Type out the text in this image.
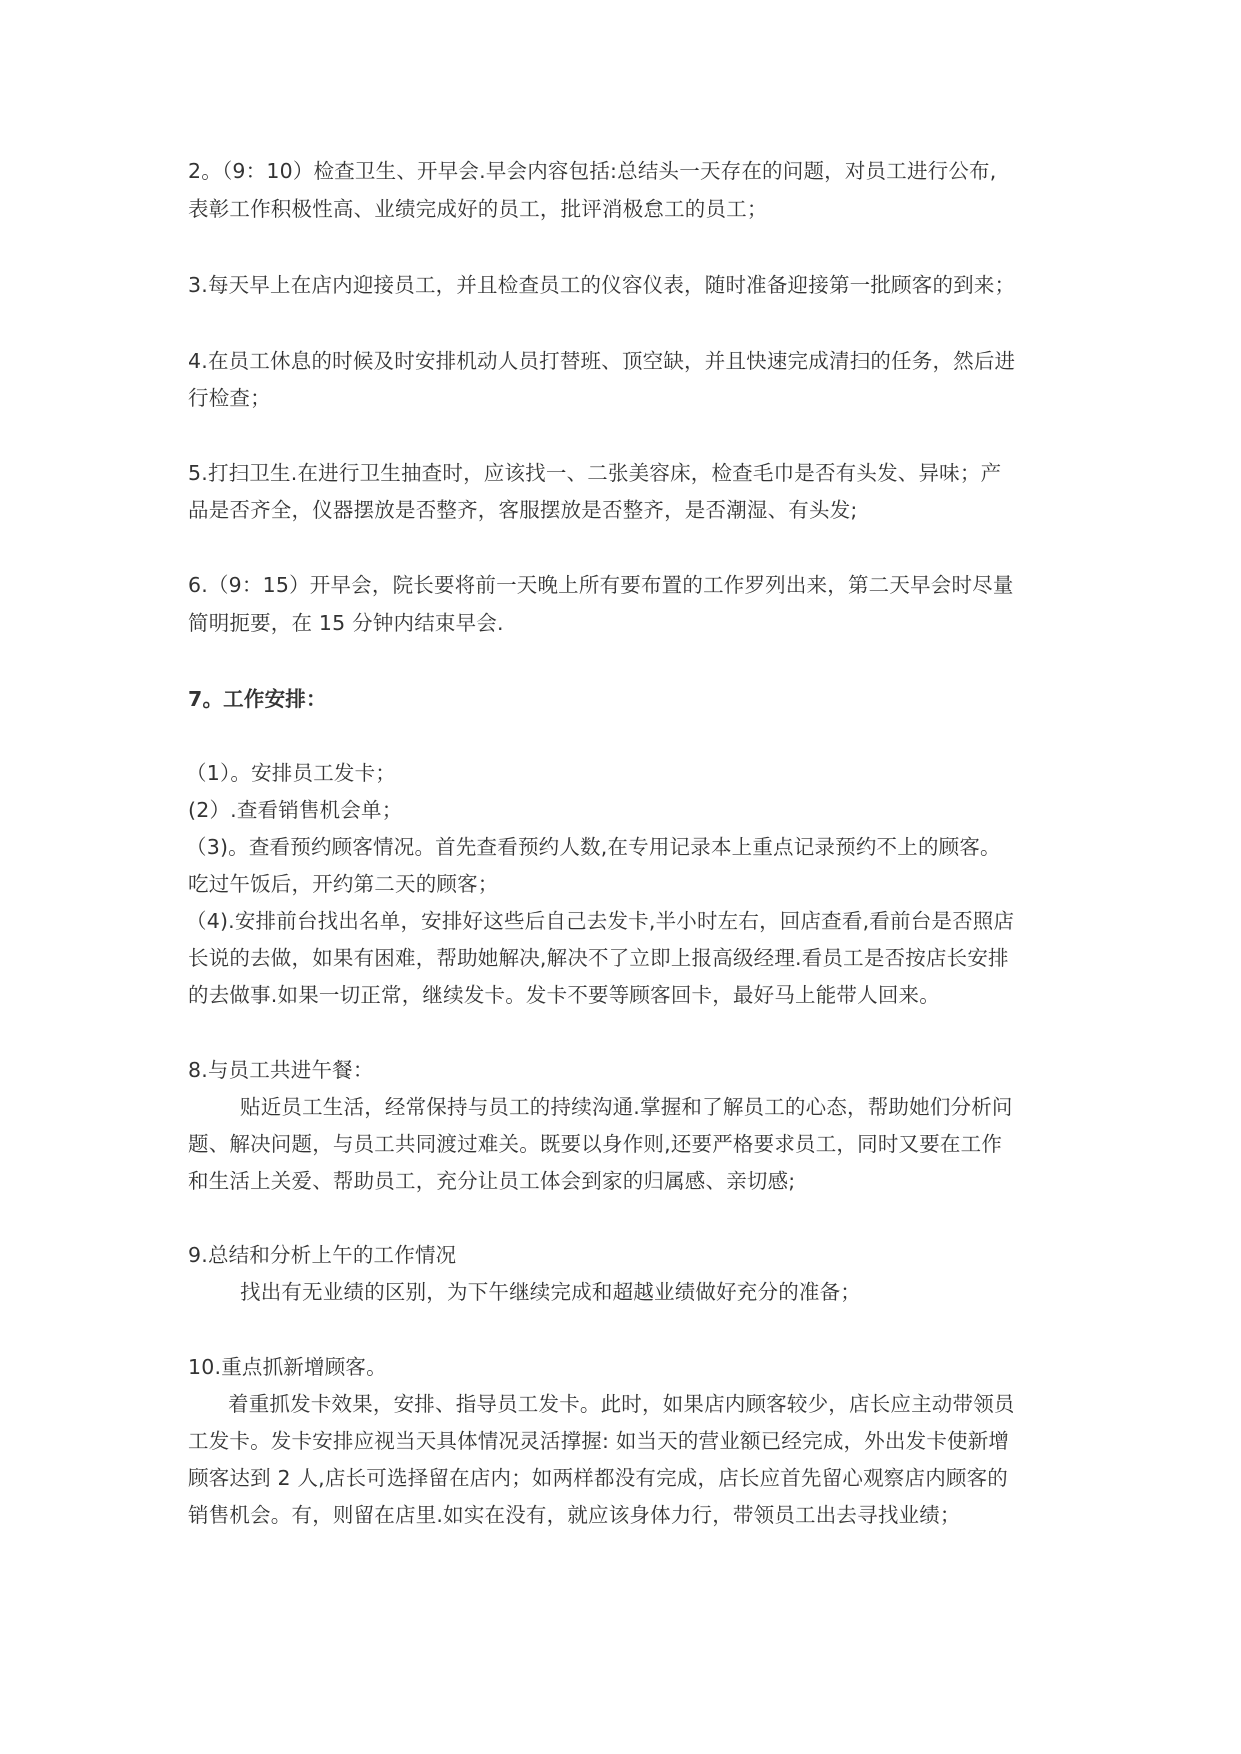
2。（9：10）检查卫生、开早会.早会内容包括:总结头一天存在的问题，对员工进行公布,
表彰工作积极性高、业绩完成好的员工，批评消极怠工的员工；
3.每天早上在店内迎接员工，并且检查员工的仪容仪表，随时准备迎接第一批顾客的到来；
4.在员工休息的时候及时安排机动人员打替班、顶空缺，并且快速完成清扫的任务，然后进
行检查；
5.打扫卫生.在进行卫生抽查时，应该找一、二张美容床，检查毛巾是否有头发、异味；产
品是否齐全，仪器摆放是否整齐，客服摆放是否整齐，是否潮湿、有头发;
6.（9：15）开早会，院长要将前一天晚上所有要布置的工作罗列出来，第二天早会时尽量
简明扼要，在 15 分钟内结束早会.
7。工作安排：
（1）。安排员工发卡；
(2）.查看销售机会单；
（3)。查看预约顾客情况。首先查看预约人数,在专用记录本上重点记录预约不上的顾客。
吃过午饭后，开约第二天的顾客；
（4).安排前台找出名单，安排好这些后自己去发卡,半小时左右，回店查看,看前台是否照店
长说的去做，如果有困难，帮助她解决,解决不了立即上报高级经理.看员工是否按店长安排
的去做事.如果一切正常，继续发卡。发卡不要等顾客回卡，最好马上能带人回来。
8.与员工共进午餐：
贴近员工生活，经常保持与员工的持续沟通.掌握和了解员工的心态，帮助她们分析问
题、解决问题，与员工共同渡过难关。既要以身作则,还要严格要求员工，同时又要在工作
和生活上关爱、帮助员工，充分让员工体会到家的归属感、亲切感;
9.总结和分析上午的工作情况
找出有无业绩的区别，为下午继续完成和超越业绩做好充分的准备；
10.重点抓新增顾客。
着重抓发卡效果，安排、指导员工发卡。此时，如果店内顾客较少，店长应主动带领员
工发卡。发卡安排应视当天具体情况灵活撑握: 如当天的营业额已经完成，外出发卡使新增
顾客达到 2 人,店长可选择留在店内；如两样都没有完成，店长应首先留心观察店内顾客的
销售机会。有，则留在店里.如实在没有，就应该身体力行，带领员工出去寻找业绩；
